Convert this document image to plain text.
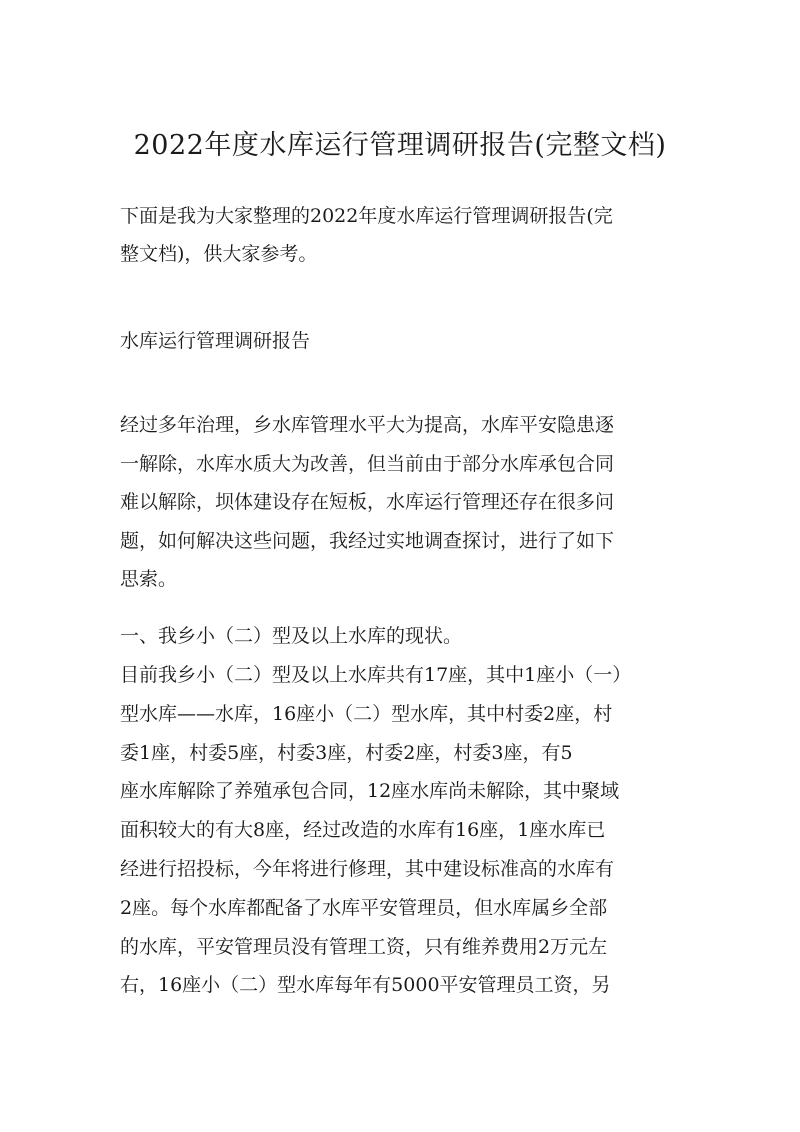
2022年度水库运行管理调研报告(完整文档)
下面是我为大家整理的2022年度水库运行管理调研报告(完
整文档)，供大家参考。
水库运行管理调研报告
经过多年治理，乡水库管理水平大为提高，水库平安隐患逐
一解除，水库水质大为改善，但当前由于部分水库承包合同
难以解除，坝体建设存在短板，水库运行管理还存在很多问
题，如何解决这些问题，我经过实地调查探讨，进行了如下
思索。
一、我乡小（二）型及以上水库的现状。
目前我乡小（二）型及以上水库共有17座，其中1座小（一）
型水库——水库，16座小（二）型水库，其中村委2座，村
委1座，村委5座，村委3座，村委2座，村委3座，有5
座水库解除了养殖承包合同，12座水库尚未解除，其中聚域
面积较大的有大8座，经过改造的水库有16座，1座水库已
经进行招投标，今年将进行修理，其中建设标准高的水库有
2座。每个水库都配备了水库平安管理员，但水库属乡全部
的水库，平安管理员没有管理工资，只有维养费用2万元左
右，16座小（二）型水库每年有5000平安管理员工资，另
